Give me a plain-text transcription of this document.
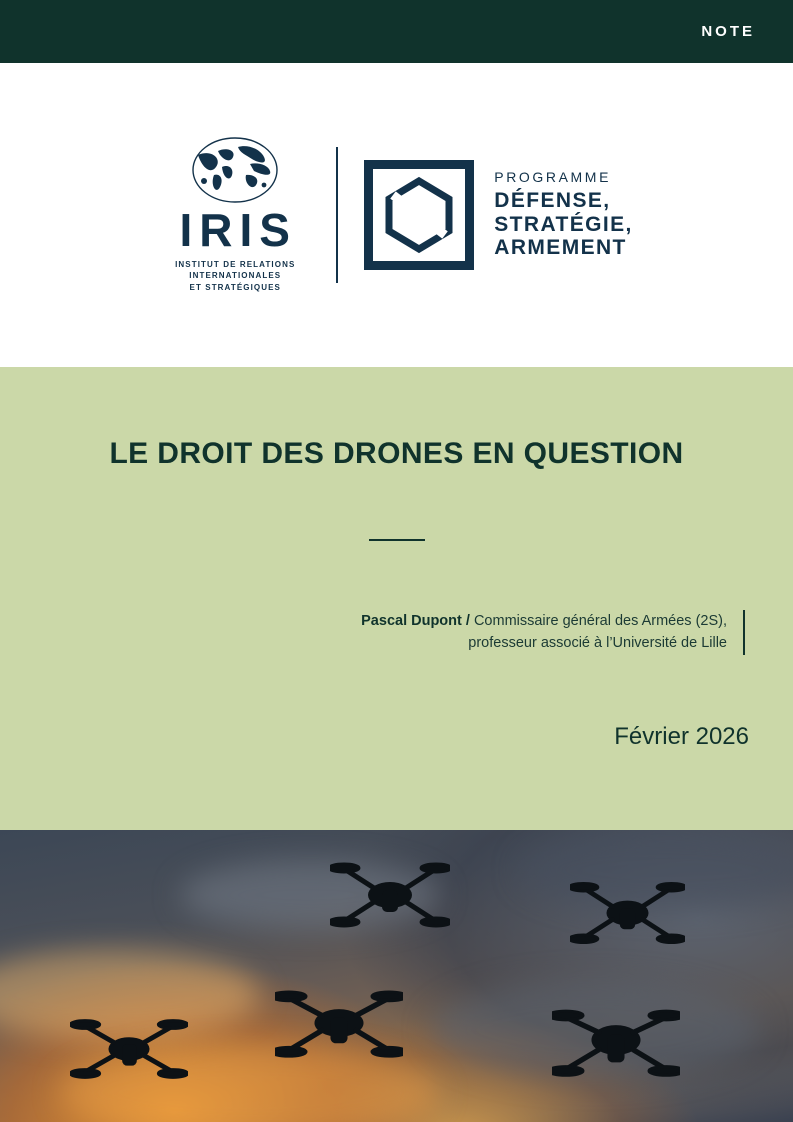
NOTE
IRIS
INSTITUT DE RELATIONS
INTERNATIONALES
ET STRATÉGIQUES
PROGRAMME
DÉFENSE,
STRATÉGIE,
ARMEMENT
LE DROIT DES DRONES EN QUESTION
Pascal Dupont / Commissaire général des Armées (2S),
professeur associé à l’Université de Lille
Février 2026
